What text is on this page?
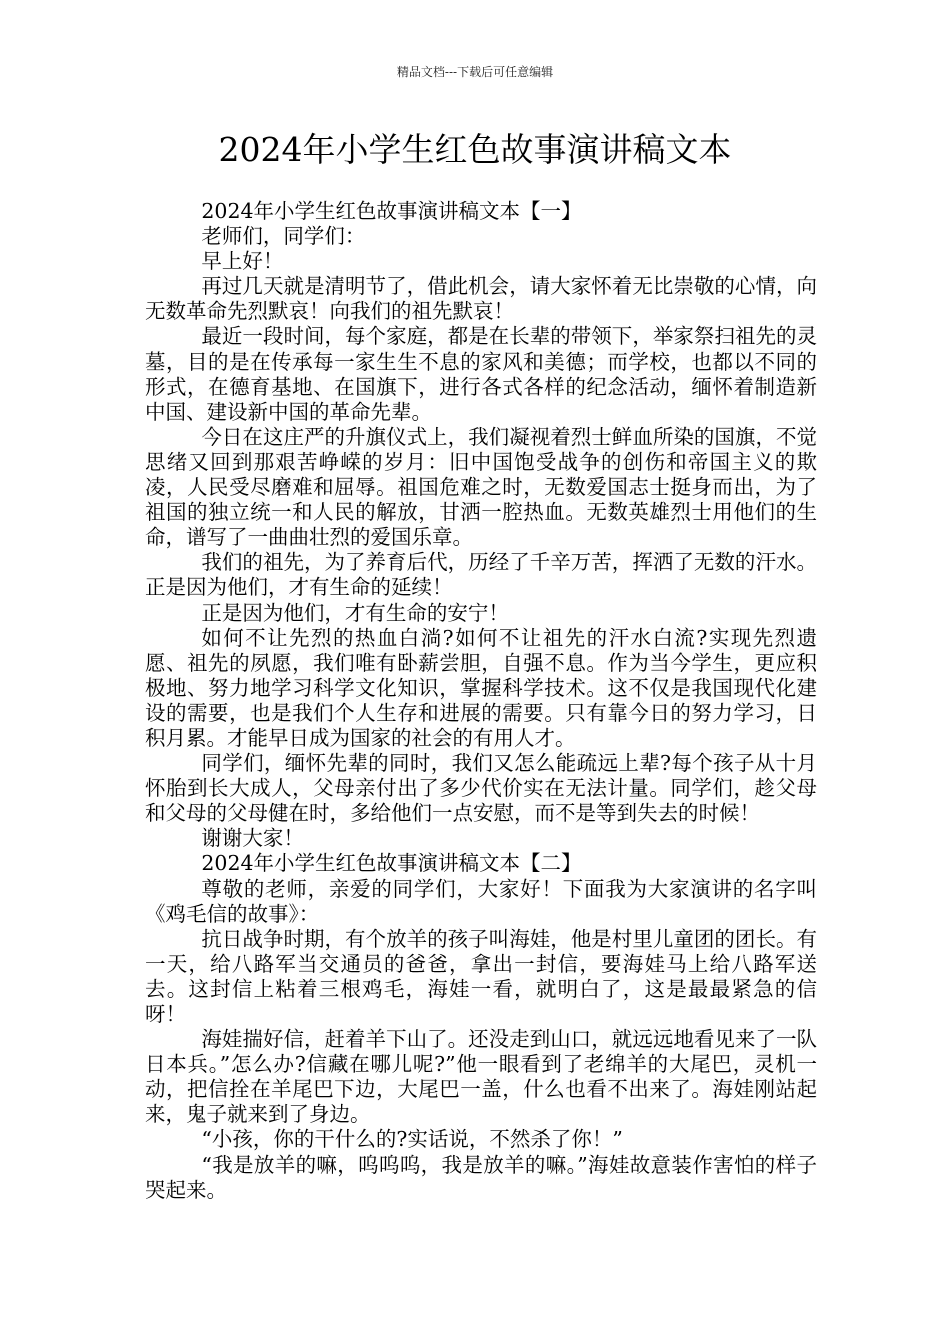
精品文档---下载后可任意编辑
2024年小学生红色故事演讲稿文本

2024年小学生红色故事演讲稿文本【一】

老师们，同学们：

早上好！

再过几天就是清明节了，借此机会，请大家怀着无比崇敬的心情，向无数革命先烈默哀！向我们的祖先默哀！

最近一段时间，每个家庭，都是在长辈的带领下，举家祭扫祖先的灵墓，目的是在传承每一家生生不息的家风和美德；而学校，也都以不同的形式，在德育基地、在国旗下，进行各式各样的纪念活动，缅怀着制造新中国、建设新中国的革命先辈。

今日在这庄严的升旗仪式上，我们凝视着烈士鲜血所染的国旗，不觉思绪又回到那艰苦峥嵘的岁月：旧中国饱受战争的创伤和帝国主义的欺凌，人民受尽磨难和屈辱。祖国危难之时，无数爱国志士挺身而出，为了祖国的独立统一和人民的解放，甘洒一腔热血。无数英雄烈士用他们的生命，谱写了一曲曲壮烈的爱国乐章。

我们的祖先，为了养育后代，历经了千辛万苦，挥洒了无数的汗水。正是因为他们，才有生命的延续！

正是因为他们，才有生命的安宁！

如何不让先烈的热血白淌?如何不让祖先的汗水白流?实现先烈遗愿、祖先的夙愿，我们唯有卧薪尝胆，自强不息。作为当今学生，更应积极地、努力地学习科学文化知识，掌握科学技术。这不仅是我国现代化建设的需要，也是我们个人生存和进展的需要。只有靠今日的努力学习，日积月累。才能早日成为国家的社会的有用人才。

同学们，缅怀先辈的同时，我们又怎么能疏远上辈?每个孩子从十月怀胎到长大成人，父母亲付出了多少代价实在无法计量。同学们，趁父母和父母的父母健在时，多给他们一点安慰，而不是等到失去的时候！

谢谢大家！

2024年小学生红色故事演讲稿文本【二】

尊敬的老师，亲爱的同学们，大家好！下面我为大家演讲的名字叫《鸡毛信的故事》：

抗日战争时期，有个放羊的孩子叫海娃，他是村里儿童团的团长。有一天，给八路军当交通员的爸爸，拿出一封信，要海娃马上给八路军送去。这封信上粘着三根鸡毛，海娃一看，就明白了，这是最最紧急的信呀！

海娃揣好信，赶着羊下山了。还没走到山口，就远远地看见来了一队日本兵。”怎么办?信藏在哪儿呢?”他一眼看到了老绵羊的大尾巴，灵机一动，把信拴在羊尾巴下边，大尾巴一盖，什么也看不出来了。海娃刚站起来，鬼子就来到了身边。

“小孩，你的干什么的?实话说，不然杀了你！”

“我是放羊的嘛，呜呜呜，我是放羊的嘛。”海娃故意装作害怕的样子哭起来。
